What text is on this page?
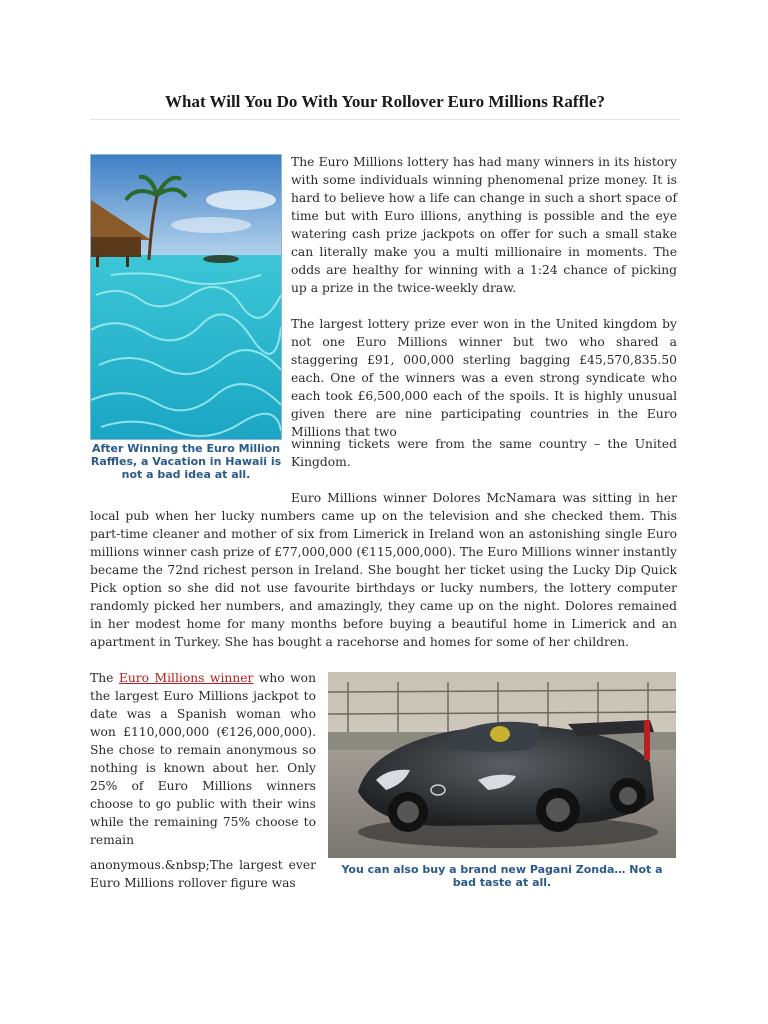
What Will You Do With Your Rollover Euro Millions Raffle?

After Winning the Euro Million Raffles, a Vacation in Hawaii is not a bad idea at all.

The Euro Millions lottery has had many winners in its history with some individuals winning phenomenal prize money. It is hard to believe how a life can change in such a short space of time but with Euro illions, anything is possible and the eye watering cash prize jackpots on offer for such a small stake can literally make you a multi millionaire in moments. The odds are healthy for winning with a 1:24 chance of picking up a prize in the twice-weekly draw.

The largest lottery prize ever won in the United kingdom by not one Euro Millions winner but two who shared a staggering £91, 000,000 sterling bagging £45,570,835.50 each. One of the winners was a even strong syndicate who each took £6,500,000 each of the spoils. It is highly unusual given there are nine participating countries in the Euro Millions that two

winning tickets were from the same country – the United Kingdom.

Euro Millions winner Dolores McNamara was sitting in her local pub when her lucky numbers came up on the television and she checked them. This part-time cleaner and mother of six from Limerick in Ireland won an astonishing single Euro millions winner cash prize of £77,000,000 (€115,000,000). The Euro Millions winner instantly became the 72nd richest person in Ireland. She bought her ticket using the Lucky Dip Quick Pick option so she did not use favourite birthdays or lucky numbers, the lottery computer randomly picked her numbers, and amazingly, they came up on the night. Dolores remained in her modest home for many months before buying a beautiful home in Limerick and an apartment in Turkey. She has bought a racehorse and homes for some of her children.

The Euro Millions winner who won the largest Euro Millions jackpot to date was a Spanish woman who won £110,000,000 (€126,000,000). She chose to remain anonymous so nothing is known about her. Only 25% of Euro Millions winners choose to go public with their wins while the remaining 75% choose to remain

anonymous.&nbsp;The largest ever Euro Millions rollover figure was

You can also buy a brand new Pagani Zonda… Not a bad taste at all.
